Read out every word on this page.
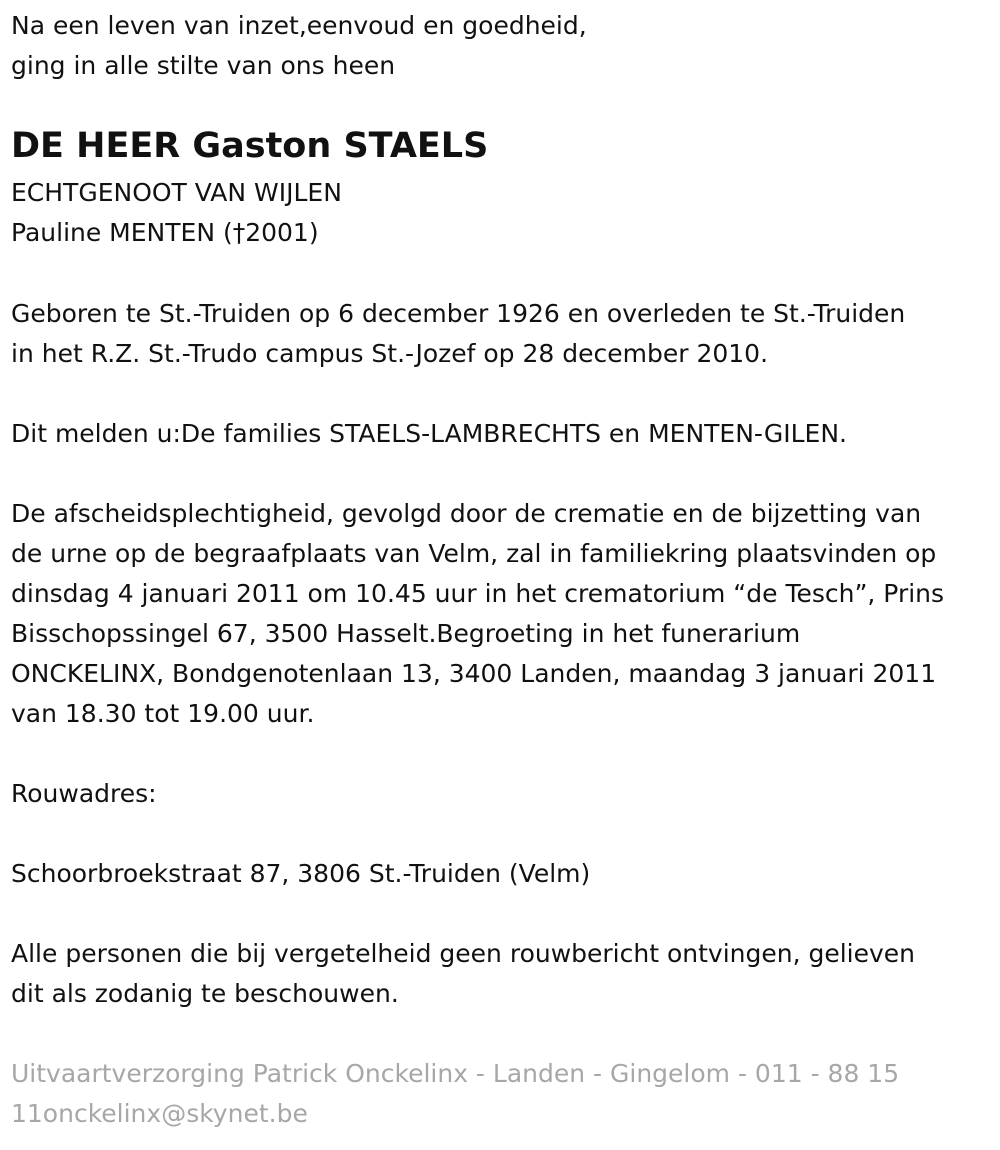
Na een leven van inzet,eenvoud en goedheid,
ging in alle stilte van ons heen
DE HEER Gaston STAELS
ECHTGENOOT VAN WIJLEN
Pauline MENTEN (†2001)
Geboren te St.-Truiden op 6 december 1926 en overleden te St.-Truiden
in het R.Z. St.-Trudo campus St.-Jozef op 28 december 2010.
Dit melden u:De families STAELS-LAMBRECHTS en MENTEN-GILEN.
De afscheidsplechtigheid, gevolgd door de crematie en de bijzetting van
de urne op de begraafplaats van Velm, zal in familiekring plaatsvinden op
dinsdag 4 januari 2011 om 10.45 uur in het crematorium “de Tesch”, Prins
Bisschopssingel 67, 3500 Hasselt.Begroeting in het funerarium
ONCKELINX, Bondgenotenlaan 13, 3400 Landen, maandag 3 januari 2011
van 18.30 tot 19.00 uur.
Rouwadres:
Schoorbroekstraat 87, 3806 St.-Truiden (Velm)
Alle personen die bij vergetelheid geen rouwbericht ontvingen, gelieven
dit als zodanig te beschouwen.
Uitvaartverzorging Patrick Onckelinx - Landen - Gingelom - 011 - 88 15
11onckelinx@skynet.be
